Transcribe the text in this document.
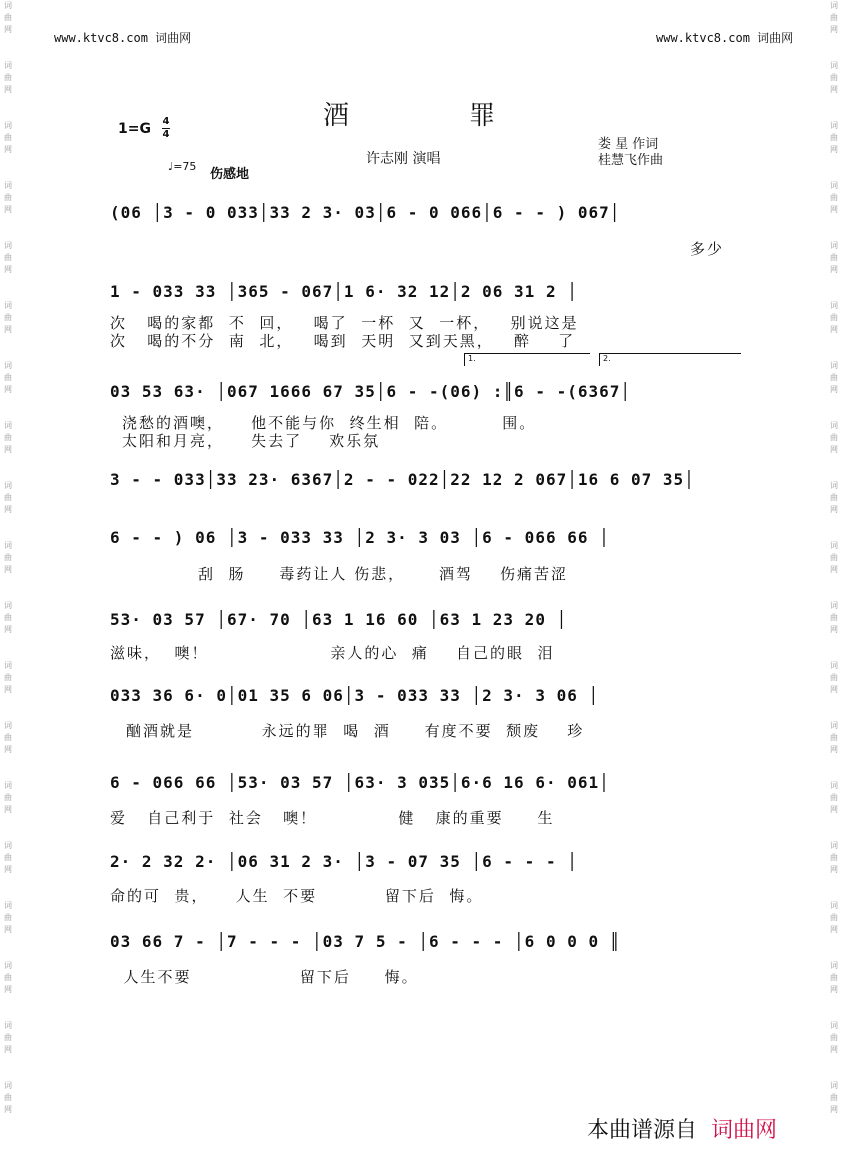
词曲网
词曲网
词曲网
词曲网
词曲网
词曲网
词曲网
词曲网
词曲网
词曲网
词曲网
词曲网
词曲网
词曲网
词曲网
词曲网
词曲网
词曲网
词曲网
词曲网
词曲网
词曲网
词曲网
词曲网
词曲网
词曲网
词曲网
词曲网
词曲网
词曲网
词曲网
词曲网
词曲网
词曲网
词曲网
词曲网
词曲网
词曲网
www.ktvc8.com 词曲网	www.ktvc8.com 词曲网
酒罪
1=G 4
4
♩=75
伤感地
许志刚 演唱
娄 星 作词
桂慧飞作曲
(06 │3 - 0 033│33 2 3· 03│6 - 0 066│6 - - ) 067│
多少
1 - 033 33 │365 - 067│1 6· 32 12│2 06 31 2 │
次   喝的家都  不  回，   喝了  一杯  又  一杯，   别说这是
次   喝的不分  南  北，   喝到  天明  又到天黑，   醉    了
1.	2.
03 53 63· │067 1666 67 35│6 - -(06) :║6 - -(6367│
浇愁的酒噢，    他不能与你  终生相  陪。        围。
太阳和月亮，    失去了    欢乐氛
3 - - 033│33 23· 6367│2 - - 022│22 12 2 067│16 6 07 35│
6 - - ) 06 │3 - 033 33 │2 3· 3 03 │6 - 066 66 │
刮  肠     毒药让人 伤悲，     酒驾    伤痛苦涩
53· 03 57 │67· 70 │63 1 16 60 │63 1 23 20 │
滋味，  噢！                  亲人的心  痛    自己的眼  泪
033 36 6· 0│01 35 6 06│3 - 033 33 │2 3· 3 06 │
酗酒就是          永远的罪  喝  酒     有度不要  颓废    珍
6 - 066 66 │53· 03 57 │63· 3 035│6·6 16 6· 061│
爱   自己利于  社会   噢！            健   康的重要     生
2· 2 32 2· │06 31 2 3· │3 - 07 35 │6 - - - │
命的可  贵，    人生  不要          留下后  悔。
03 66 7 - │7 - - - │03 7 5 - │6 - - - │6 0 0 0 ║
人生不要                留下后     悔。
本曲谱源自 词曲网
